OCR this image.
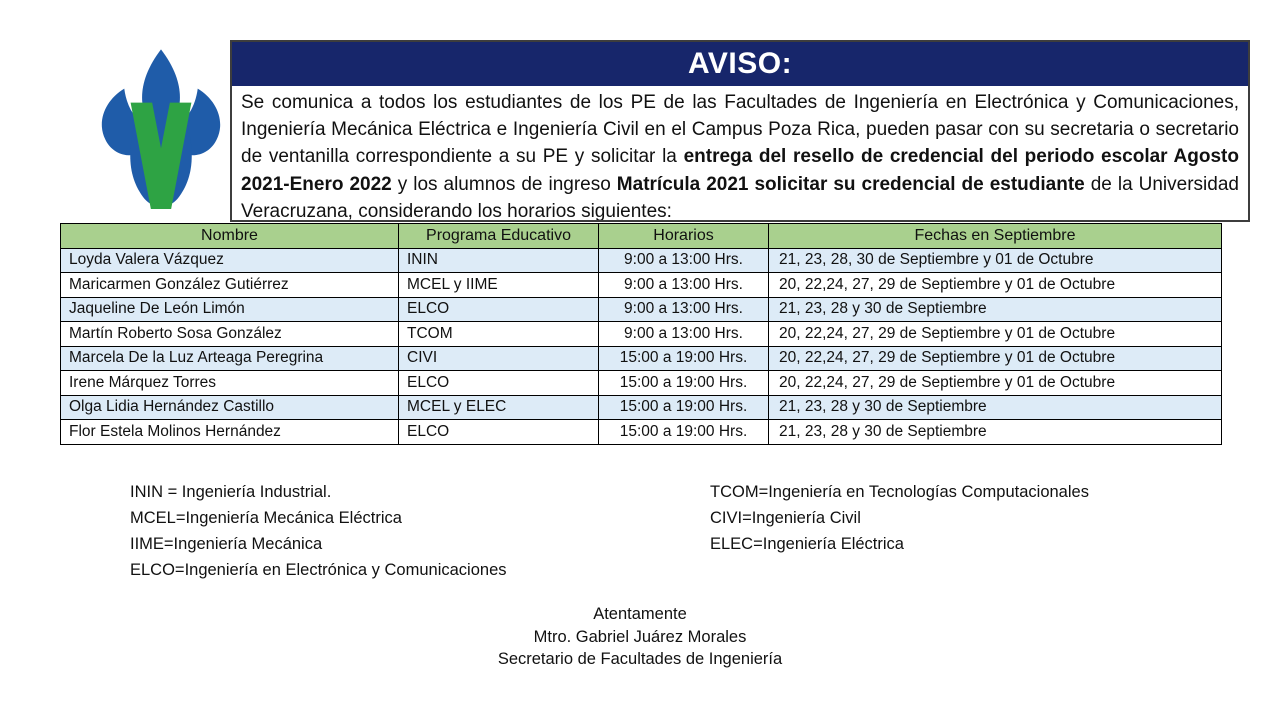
AVISO:
Se comunica a todos los estudiantes de los PE de las Facultades de Ingeniería en Electrónica y Comunicaciones, Ingeniería Mecánica Eléctrica e Ingeniería Civil en el Campus Poza Rica, pueden pasar con su secretaria o secretario de ventanilla correspondiente a su PE y solicitar la entrega del resello de credencial del periodo escolar Agosto 2021-Enero 2022 y los alumnos de ingreso Matrícula 2021 solicitar su credencial de estudiante de la Universidad Veracruzana, considerando los horarios siguientes:
Nombre	Programa Educativo	Horarios	Fechas en Septiembre
Loyda Valera Vázquez	ININ	9:00 a 13:00 Hrs.	21, 23, 28, 30 de Septiembre y 01 de Octubre
Maricarmen González Gutiérrez	MCEL y IIME	9:00 a 13:00 Hrs.	20, 22,24, 27, 29 de Septiembre y 01 de Octubre
Jaqueline De León Limón	ELCO	9:00 a 13:00 Hrs.	21, 23, 28 y 30 de Septiembre
Martín Roberto Sosa González	TCOM	9:00 a 13:00 Hrs.	20, 22,24, 27, 29 de Septiembre y 01 de Octubre
Marcela De la Luz Arteaga Peregrina	CIVI	15:00 a 19:00 Hrs.	20, 22,24, 27, 29 de Septiembre y 01 de Octubre
Irene Márquez Torres	ELCO	15:00 a 19:00 Hrs.	20, 22,24, 27, 29 de Septiembre y 01 de Octubre
Olga Lidia Hernández Castillo	MCEL y ELEC	15:00 a 19:00 Hrs.	21, 23, 28 y 30 de Septiembre
Flor Estela Molinos Hernández	ELCO	15:00 a 19:00 Hrs.	21, 23, 28 y 30 de Septiembre
ININ = Ingeniería Industrial.
MCEL=Ingeniería Mecánica Eléctrica
IIME=Ingeniería Mecánica
ELCO=Ingeniería en Electrónica y Comunicaciones
TCOM=Ingeniería en Tecnologías Computacionales
CIVI=Ingeniería Civil
ELEC=Ingeniería Eléctrica
Atentamente
Mtro. Gabriel Juárez Morales
Secretario de Facultades de Ingeniería
